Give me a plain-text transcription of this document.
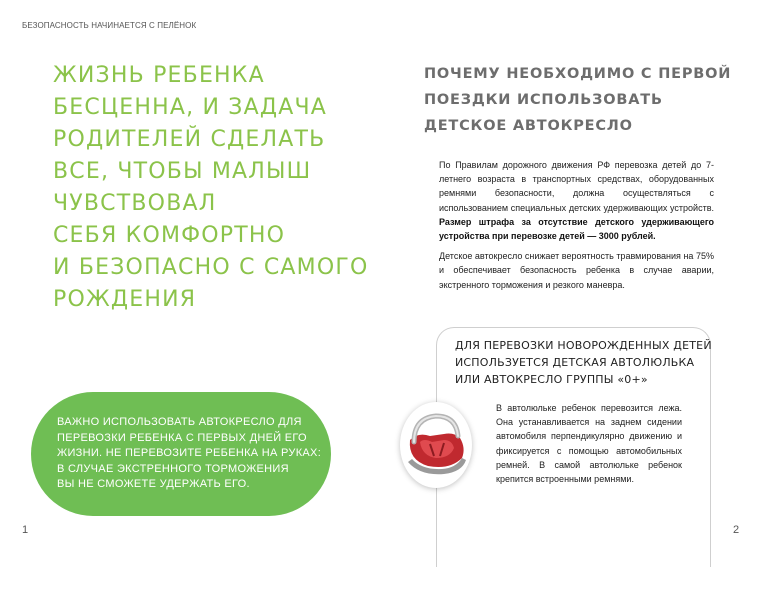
БЕЗОПАСНОСТЬ НАЧИНАЕТСЯ С ПЕЛЁНОК
ЖИЗНЬ РЕБЕНКА
БЕСЦЕННА, И ЗАДАЧА
РОДИТЕЛЕЙ СДЕЛАТЬ
ВСЕ, ЧТОБЫ МАЛЫШ
ЧУВСТВОВАЛ
СЕБЯ КОМФОРТНО
И БЕЗОПАСНО С САМОГО
РОЖДЕНИЯ
ВАЖНО ИСПОЛЬЗОВАТЬ АВТОКРЕСЛО ДЛЯ
ПЕРЕВОЗКИ РЕБЕНКА С ПЕРВЫХ ДНЕЙ ЕГО
ЖИЗНИ. НЕ ПЕРЕВОЗИТЕ РЕБЕНКА НА РУКАХ:
В СЛУЧАЕ ЭКСТРЕННОГО ТОРМОЖЕНИЯ
ВЫ НЕ СМОЖЕТЕ УДЕРЖАТЬ ЕГО.
1
ПОЧЕМУ НЕОБХОДИМО С ПЕРВОЙ
ПОЕЗДКИ ИСПОЛЬЗОВАТЬ
ДЕТСКОЕ АВТОКРЕСЛО

По Правилам дорожного движения РФ перевозка детей до 7-летнего возраста в транспортных средствах, оборудованных ремнями безопасности, должна осуществляться с использованием специальных детских удерживающих устройств. Размер штрафа за отсутствие детского удерживающего устройства при перевозке детей — 3000 рублей.

Детское автокресло снижает вероятность травмирования на 75% и обеспечивает безопасность ребенка в случае аварии, экстренного торможения и резкого маневра.

ДЛЯ ПЕРЕВОЗКИ НОВОРОЖДЕННЫХ ДЕТЕЙ
ИСПОЛЬЗУЕТСЯ ДЕТСКАЯ АВТОЛЮЛЬКА
ИЛИ АВТОКРЕСЛО ГРУППЫ «0+»

В автолюльке ребенок перевозится лежа. Она устанавливается на заднем сидении автомобиля перпендикулярно движению и фиксируется с помощью автомобильных ремней. В самой автолюльке ребенок крепится встроенными ремнями.

2
